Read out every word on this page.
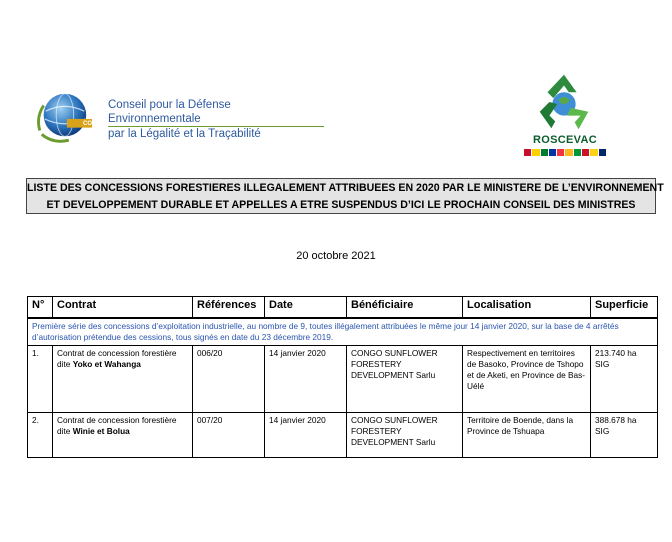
CODELT
Conseil pour la Défense Environnementale
par la Légalité et la Traçabilité	ROSCEVAC
LISTE DES CONCESSIONS FORESTIERES ILLEGALEMENT ATTRIBUEES EN 2020 PAR LE MINISTERE DE L’ENVIRONNEMENT
ET DEVELOPPEMENT DURABLE ET APPELLES A ETRE SUSPENDUS D’ICI LE PROCHAIN CONSEIL DES MINISTRES
20 octobre 2021
N°	Contrat	Références	Date	Bénéficiaire	Localisation	Superficie
Première série des concessions d’exploitation industrielle, au nombre de 9, toutes illégalement attribuées le même jour 14 janvier 2020, sur la base de 4 arrêtés d’autorisation prétendue des cessions, tous signés en date du 23 décembre 2019.						
1.	Contrat de concession forestière dite Yoko et Wahanga	006/20	14 janvier 2020	CONGO SUNFLOWER FORESTERY DEVELOPMENT Sarlu	Respectivement en territoires de Basoko, Province de Tshopo et de Aketi, en Province de Bas-Uélé	213.740 ha SIG
2.	Contrat de concession forestière dite Winie et Bolua	007/20	14 janvier 2020	CONGO SUNFLOWER FORESTERY DEVELOPMENT Sarlu	Territoire de Boende, dans la Province de Tshuapa	388.678 ha SIG
